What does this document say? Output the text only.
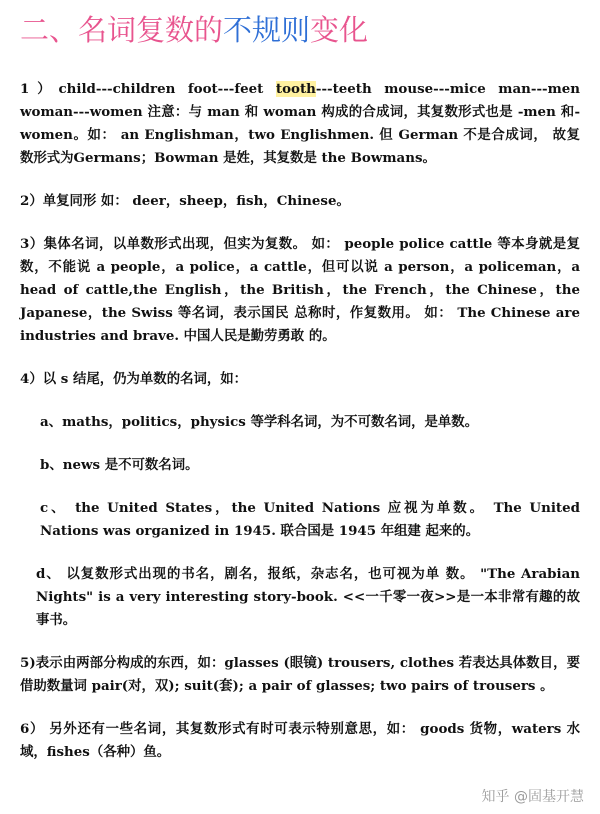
二、名词复数的不规则变化

1）child---children foot---feet tooth---teeth mouse---mice man---men woman---women 注意：与 man 和 woman 构成的合成词，其复数形式也是 -men 和-women。如： an Englishman，two Englishmen. 但 German 不是合成词， 故复数形式为Germans；Bowman 是姓，其复数是 the Bowmans。

2）单复同形 如： deer，sheep，fish，Chinese。

3）集体名词，以单数形式出现，但实为复数。 如： people police cattle 等本身就是复数，不能说 a people，a police，a cattle，但可以说 a person，a policeman，a head of cattle,the English，the British，the French，the Chinese，the Japanese，the Swiss 等名词，表示国民 总称时，作复数用。 如： The Chinese are industries and brave. 中国人民是勤劳勇敢 的。

4）以 s 结尾，仍为单数的名词，如：

a、maths，politics，physics 等学科名词，为不可数名词，是单数。

b、news 是不可数名词。

c、 the United States，the United Nations 应视为单数。 The United Nations was organized in 1945. 联合国是 1945 年组建 起来的。

d、 以复数形式出现的书名，剧名，报纸，杂志名，也可视为单 数。 "The Arabian Nights" is a very interesting story-book. <<一千零一夜>>是一本非常有趣的故事书。

5)表示由两部分构成的东西，如：glasses (眼镜) trousers, clothes 若表达具体数目，要借助数量词 pair(对，双); suit(套); a pair of glasses; two pairs of trousers 。

6） 另外还有一些名词，其复数形式有时可表示特别意思，如： goods 货物，waters 水域，fishes（各种）鱼。

知乎 @固基开慧
